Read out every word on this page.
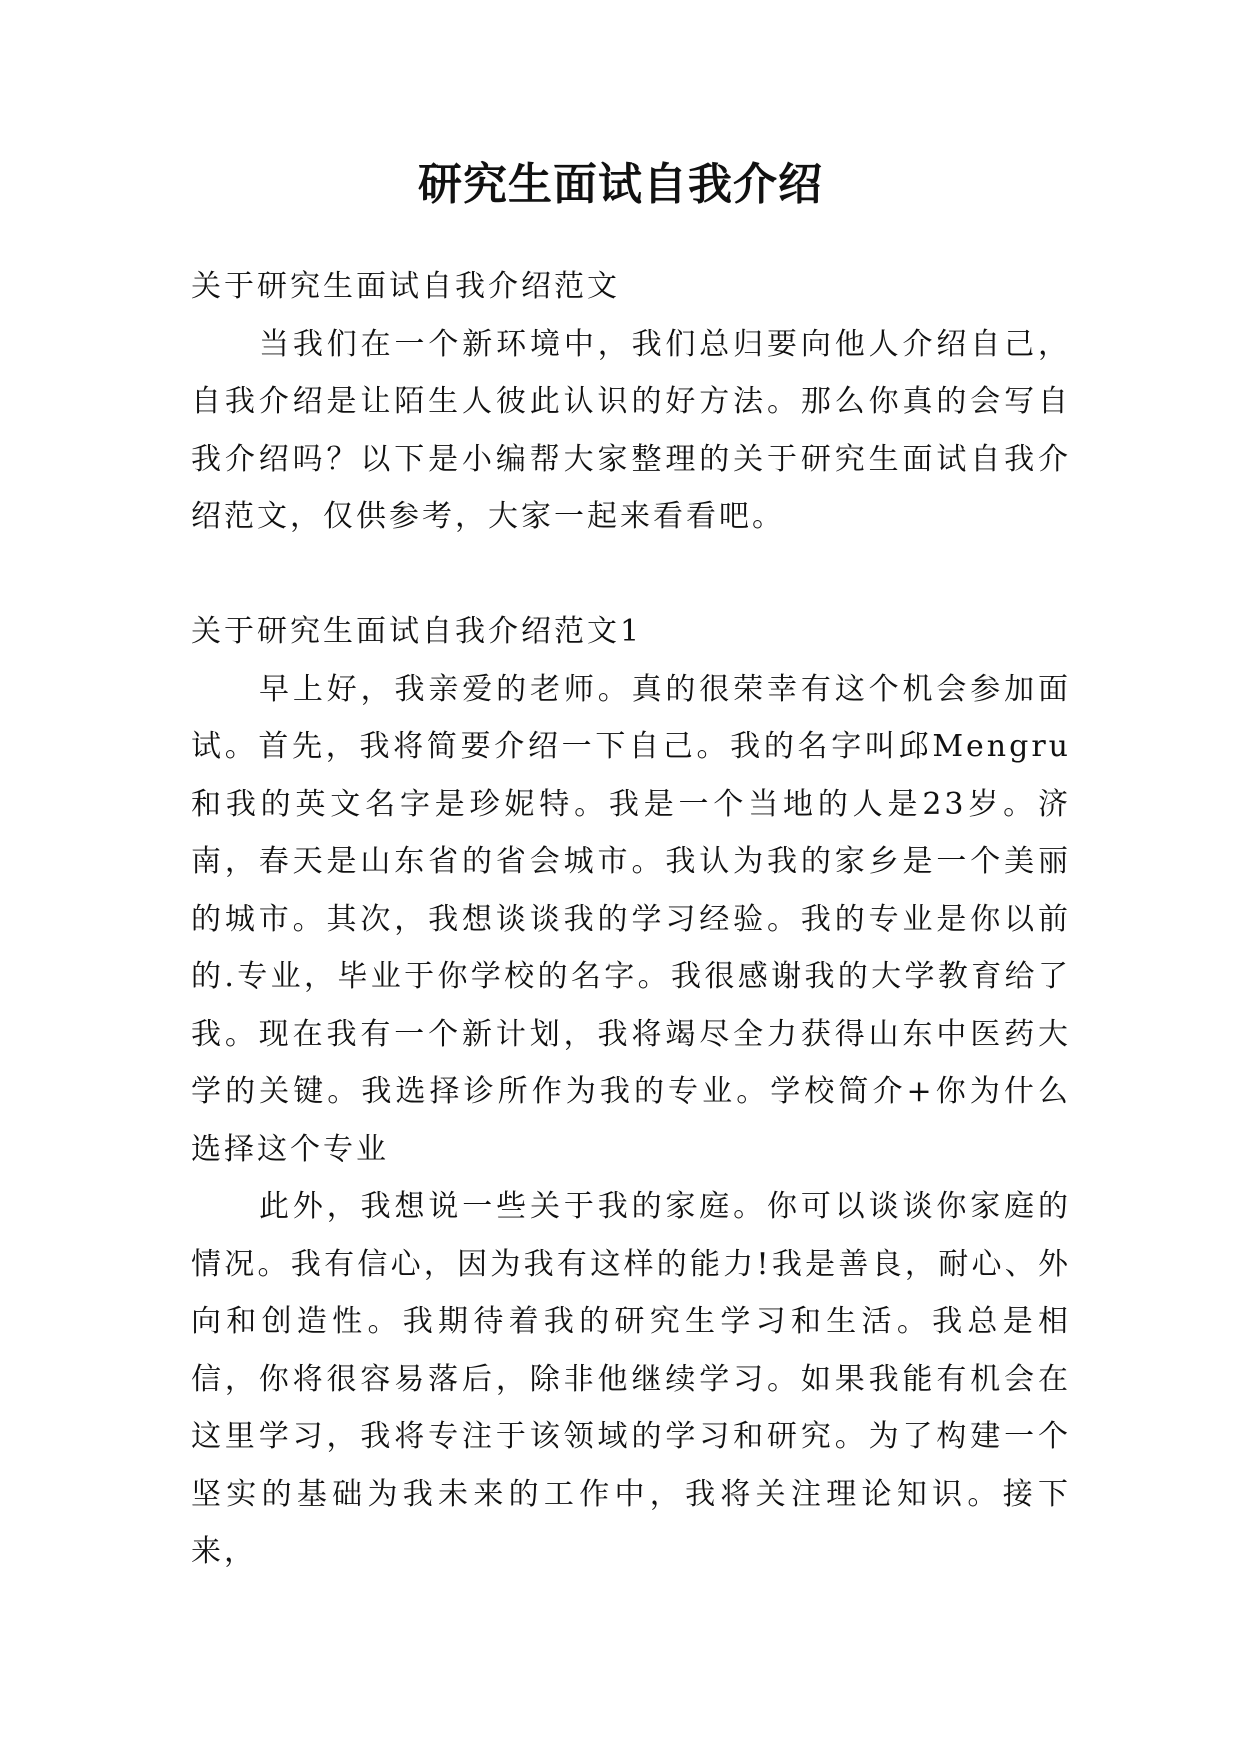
研究生面试自我介绍

关于研究生面试自我介绍范文

当我们在一个新环境中，我们总归要向他人介绍自己，自我介绍是让陌生人彼此认识的好方法。那么你真的会写自我介绍吗？以下是小编帮大家整理的关于研究生面试自我介绍范文，仅供参考，大家一起来看看吧。

关于研究生面试自我介绍范文1

早上好，我亲爱的老师。真的很荣幸有这个机会参加面试。首先，我将简要介绍一下自己。我的名字叫邱Mengru和我的英文名字是珍妮特。我是一个当地的人是23岁。济南，春天是山东省的省会城市。我认为我的家乡是一个美丽的城市。其次，我想谈谈我的学习经验。我的专业是你以前的.专业，毕业于你学校的名字。我很感谢我的大学教育给了我。现在我有一个新计划，我将竭尽全力获得山东中医药大学的关键。我选择诊所作为我的专业。学校简介+你为什么选择这个专业

此外，我想说一些关于我的家庭。你可以谈谈你家庭的情况。我有信心，因为我有这样的能力!我是善良，耐心、外向和创造性。我期待着我的研究生学习和生活。我总是相信，你将很容易落后，除非他继续学习。如果我能有机会在这里学习，我将专注于该领域的学习和研究。为了构建一个坚实的基础为我未来的工作中，我将关注理论知识。接下来，
